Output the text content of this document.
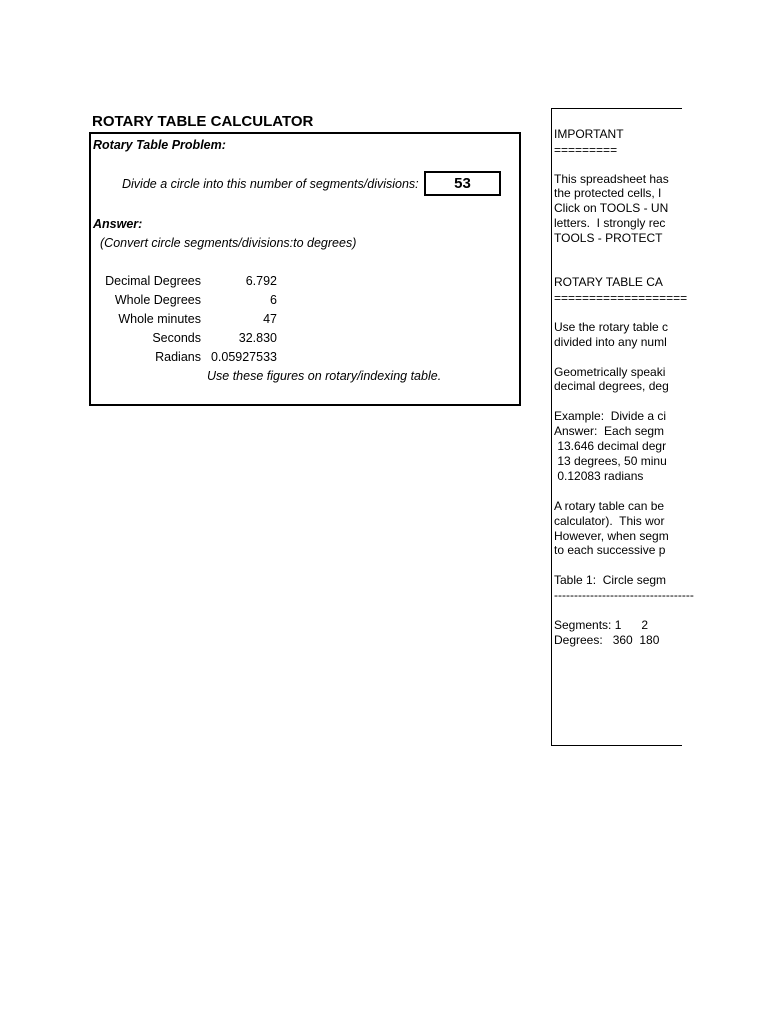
ROTARY TABLE CALCULATOR
Rotary Table Problem:
Divide a circle into this number of segments/divisions:
Answer:
(Convert circle segments/divisions:to degrees)
Decimal Degrees	6.792
Whole Degrees	6
Whole minutes	47
Seconds	32.830
Radians 0.05927533
Use these figures on rotary/indexing table.
53
IMPORTANT
=========
This spreadsheet has
the protected cells, I
Click on TOOLS - UN
letters.  I strongly rec
TOOLS - PROTECT
ROTARY TABLE CA
===================
Use the rotary table c
divided into any numl
Geometrically speaki
decimal degrees, deg
Example:  Divide a ci
Answer:  Each segm
13.646 decimal degr
13 degrees, 50 minu
0.12083 radians
A rotary table can be
calculator).  This wor
However, when segm
to each successive p
Table 1:  Circle segm
-----------------------------------
Segments: 1      2
Degrees:   360  180
